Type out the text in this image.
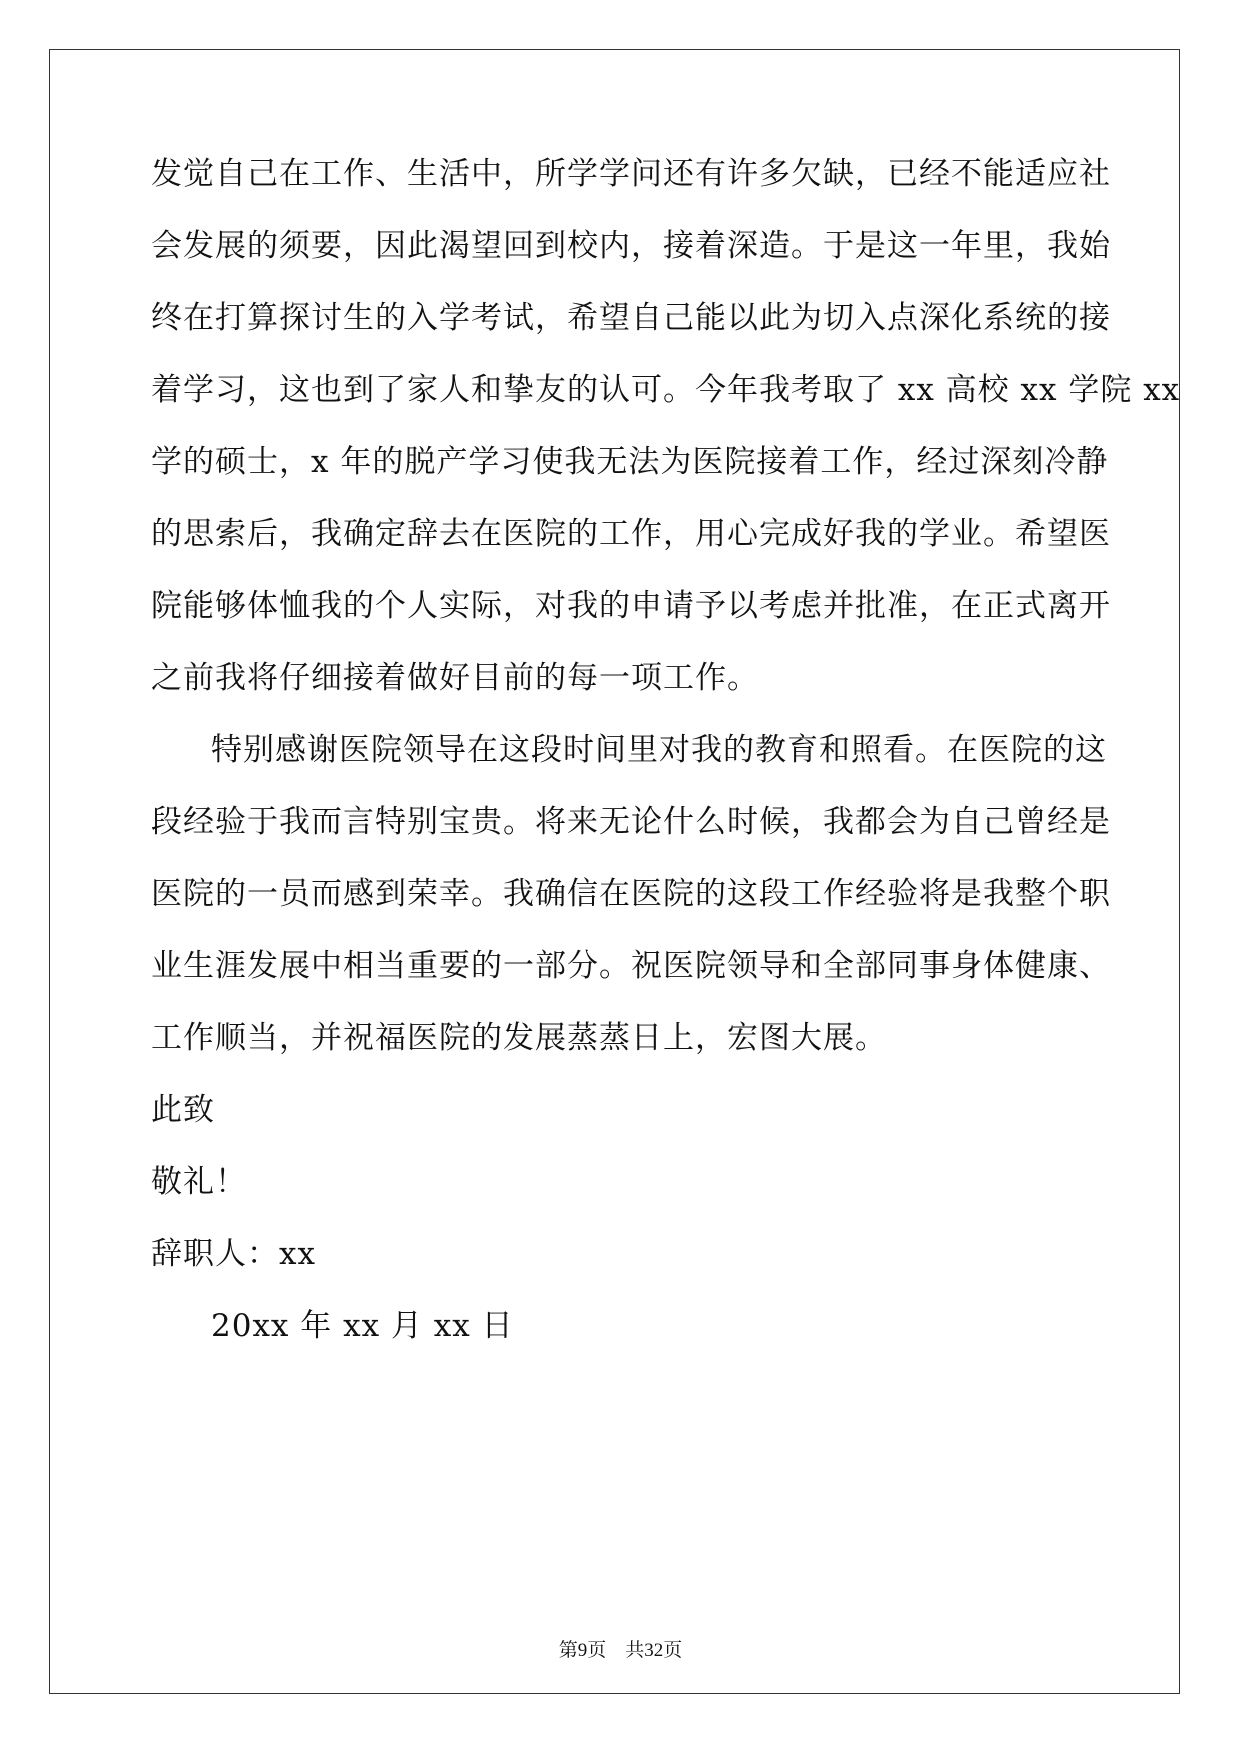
发觉自己在工作、生活中，所学学问还有许多欠缺，已经不能适应社
会发展的须要，因此渴望回到校内，接着深造。于是这一年里，我始
终在打算探讨生的入学考试，希望自己能以此为切入点深化系统的接
着学习，这也到了家人和挚友的认可。今年我考取了 xx 高校 xx 学院 xx
学的硕士，x 年的脱产学习使我无法为医院接着工作，经过深刻冷静
的思索后，我确定辞去在医院的工作，用心完成好我的学业。希望医
院能够体恤我的个人实际，对我的申请予以考虑并批准，在正式离开
之前我将仔细接着做好目前的每一项工作。
特别感谢医院领导在这段时间里对我的教育和照看。在医院的这
段经验于我而言特别宝贵。将来无论什么时候，我都会为自己曾经是
医院的一员而感到荣幸。我确信在医院的这段工作经验将是我整个职
业生涯发展中相当重要的一部分。祝医院领导和全部同事身体健康、
工作顺当，并祝福医院的发展蒸蒸日上，宏图大展。
此致
敬礼！
辞职人：xx
20xx 年 xx 月 xx 日
第9页　共32页
